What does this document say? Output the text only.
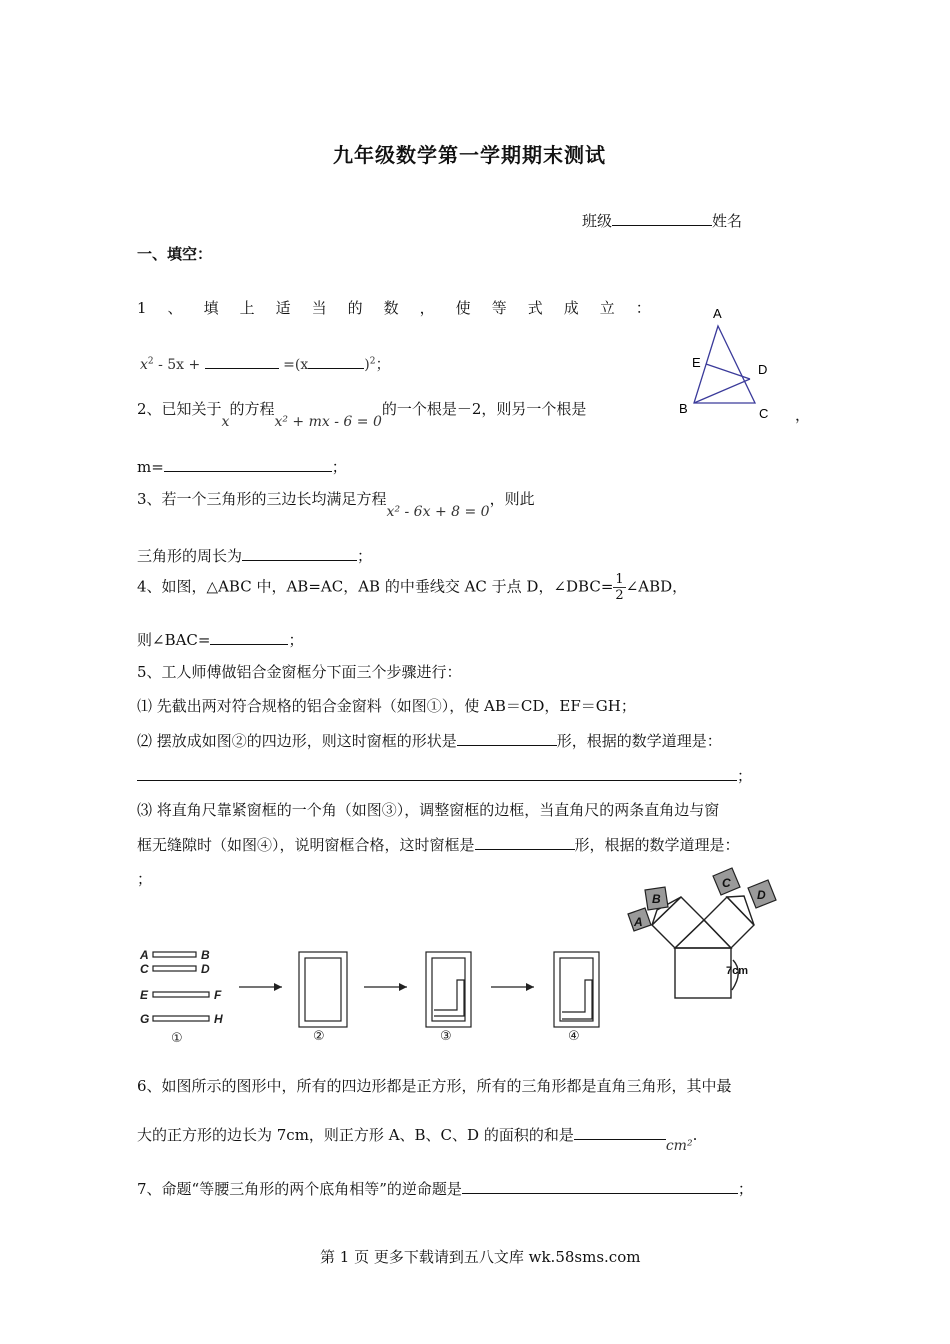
九年级数学第一学期期末测试
班级	姓名
一、填空：
1 、 填 上 适 当 的 数 ， 使 等 式 成 立 ：
$x^2 - 5x$ +	=(x	)$^2$；
A
E	D
B	C
2、已知关于x的方程x² + mx - 6 = 0的一个根是－2，则另一个根是	，
m=	；
3、若一个三角形的三边长均满足方程x² - 6x + 8 = 0，则此
三角形的周长为	；
4、如图，△ABC 中，AB=AC，AB 的中垂线交 AC 于点 D，∠DBC= $\frac{1}{2}$ ∠ABD，
则∠BAC=	；
5、工人师傅做铝合金窗框分下面三个步骤进行：
⑴ 先截出两对符合规格的铝合金窗料（如图①），使 AB＝CD，EF＝GH；
⑵ 摆放成如图②的四边形，则这时窗框的形状是	形，根据的数学道理是：
；
⑶ 将直角尺靠紧窗框的一个角（如图③），调整窗框的边框，当直角尺的两条直角边与窗
框无缝隙时（如图④），说明窗框合格，这时窗框是	形，根据的数学道理是：
；
A	B
C	D
E	F
G	H
①	②	③	④
A
B
C
D
7cm
6、如图所示的图形中，所有的四边形都是正方形，所有的三角形都是直角三角形，其中最
大的正方形的边长为 7cm，则正方形 A、B、C、D 的面积的和是cm².
7、命题“等腰三角形的两个底角相等”的逆命题是	；
第 1 页 更多下载请到五八文库 wk.58sms.com
